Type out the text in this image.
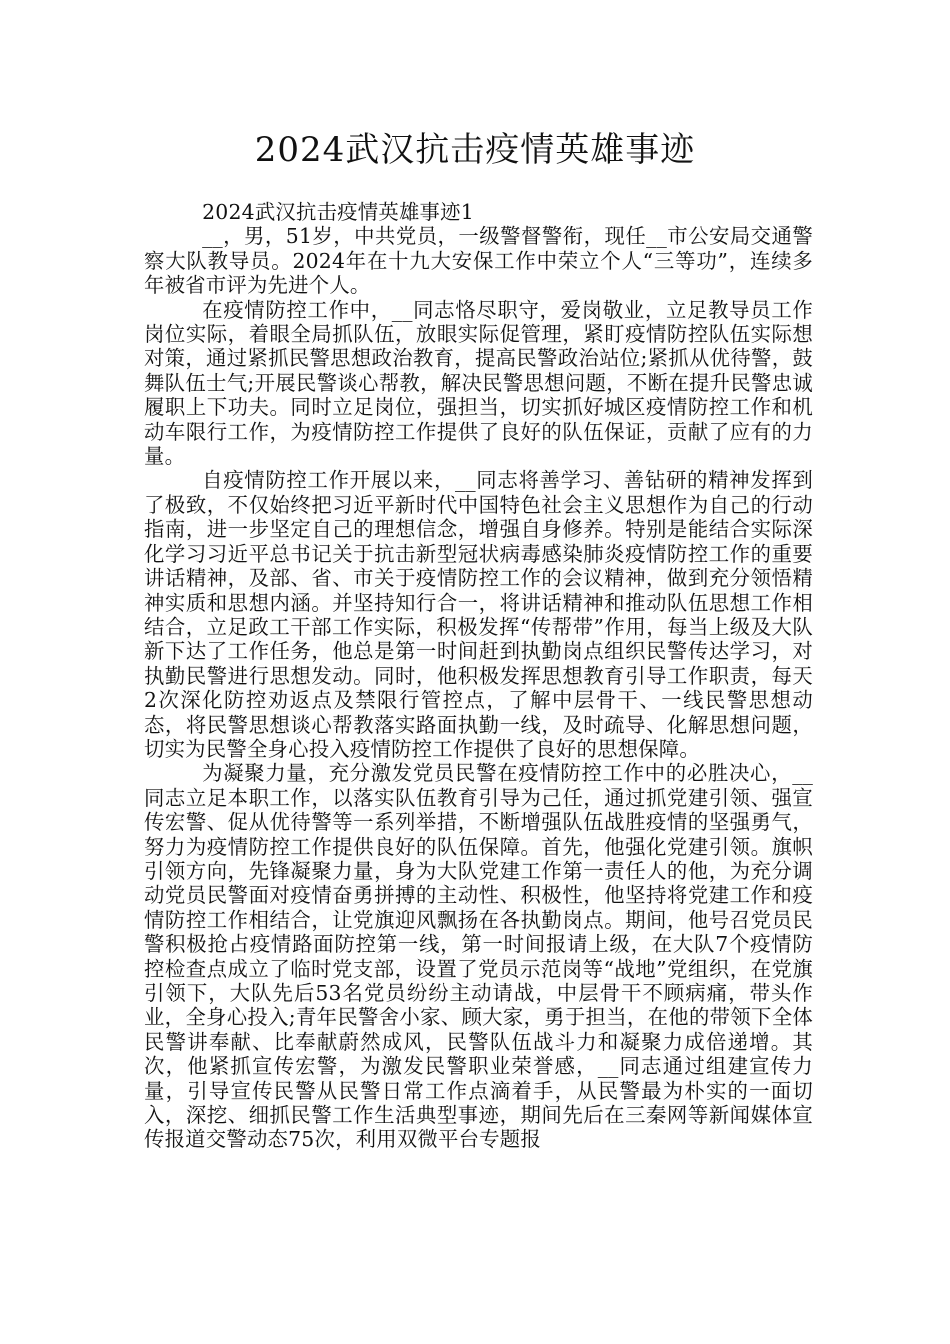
2024武汉抗击疫情英雄事迹

2024武汉抗击疫情英雄事迹1

__，男，51岁，中共党员，一级警督警衔，现任__市公安局交通警察大队教导员。2024年在十九大安保工作中荣立个人“三等功”，连续多年被省市评为先进个人。

在疫情防控工作中，__同志恪尽职守，爱岗敬业，立足教导员工作岗位实际，着眼全局抓队伍，放眼实际促管理，紧盯疫情防控队伍实际想对策，通过紧抓民警思想政治教育，提高民警政治站位;紧抓从优待警，鼓舞队伍士气;开展民警谈心帮教，解决民警思想问题，不断在提升民警忠诚履职上下功夫。同时立足岗位，强担当，切实抓好城区疫情防控工作和机动车限行工作，为疫情防控工作提供了良好的队伍保证，贡献了应有的力量。

自疫情防控工作开展以来，__同志将善学习、善钻研的精神发挥到了极致，不仅始终把习近平新时代中国特色社会主义思想作为自己的行动指南，进一步坚定自己的理想信念，增强自身修养。特别是能结合实际深化学习习近平总书记关于抗击新型冠状病毒感染肺炎疫情防控工作的重要讲话精神，及部、省、市关于疫情防控工作的会议精神，做到充分领悟精神实质和思想内涵。并坚持知行合一，将讲话精神和推动队伍思想工作相结合，立足政工干部工作实际，积极发挥“传帮带”作用，每当上级及大队新下达了工作任务，他总是第一时间赶到执勤岗点组织民警传达学习，对执勤民警进行思想发动。同时，他积极发挥思想教育引导工作职责，每天2次深化防控劝返点及禁限行管控点，了解中层骨干、一线民警思想动态，将民警思想谈心帮教落实路面执勤一线，及时疏导、化解思想问题，切实为民警全身心投入疫情防控工作提供了良好的思想保障。

为凝聚力量，充分激发党员民警在疫情防控工作中的必胜决心，__同志立足本职工作，以落实队伍教育引导为己任，通过抓党建引领、强宣传宏警、促从优待警等一系列举措，不断增强队伍战胜疫情的坚强勇气，努力为疫情防控工作提供良好的队伍保障。首先，他强化党建引领。旗帜引领方向，先锋凝聚力量，身为大队党建工作第一责任人的他，为充分调动党员民警面对疫情奋勇拼搏的主动性、积极性，他坚持将党建工作和疫情防控工作相结合，让党旗迎风飘扬在各执勤岗点。期间，他号召党员民警积极抢占疫情路面防控第一线，第一时间报请上级，在大队7个疫情防控检查点成立了临时党支部，设置了党员示范岗等“战地”党组织，在党旗引领下，大队先后53名党员纷纷主动请战，中层骨干不顾病痛，带头作业，全身心投入;青年民警舍小家、顾大家，勇于担当，在他的带领下全体民警讲奉献、比奉献蔚然成风，民警队伍战斗力和凝聚力成倍递增。其次，他紧抓宣传宏警，为激发民警职业荣誉感，__同志通过组建宣传力量，引导宣传民警从民警日常工作点滴着手，从民警最为朴实的一面切入，深挖、细抓民警工作生活典型事迹，期间先后在三秦网等新闻媒体宣传报道交警动态75次，利用双微平台专题报
